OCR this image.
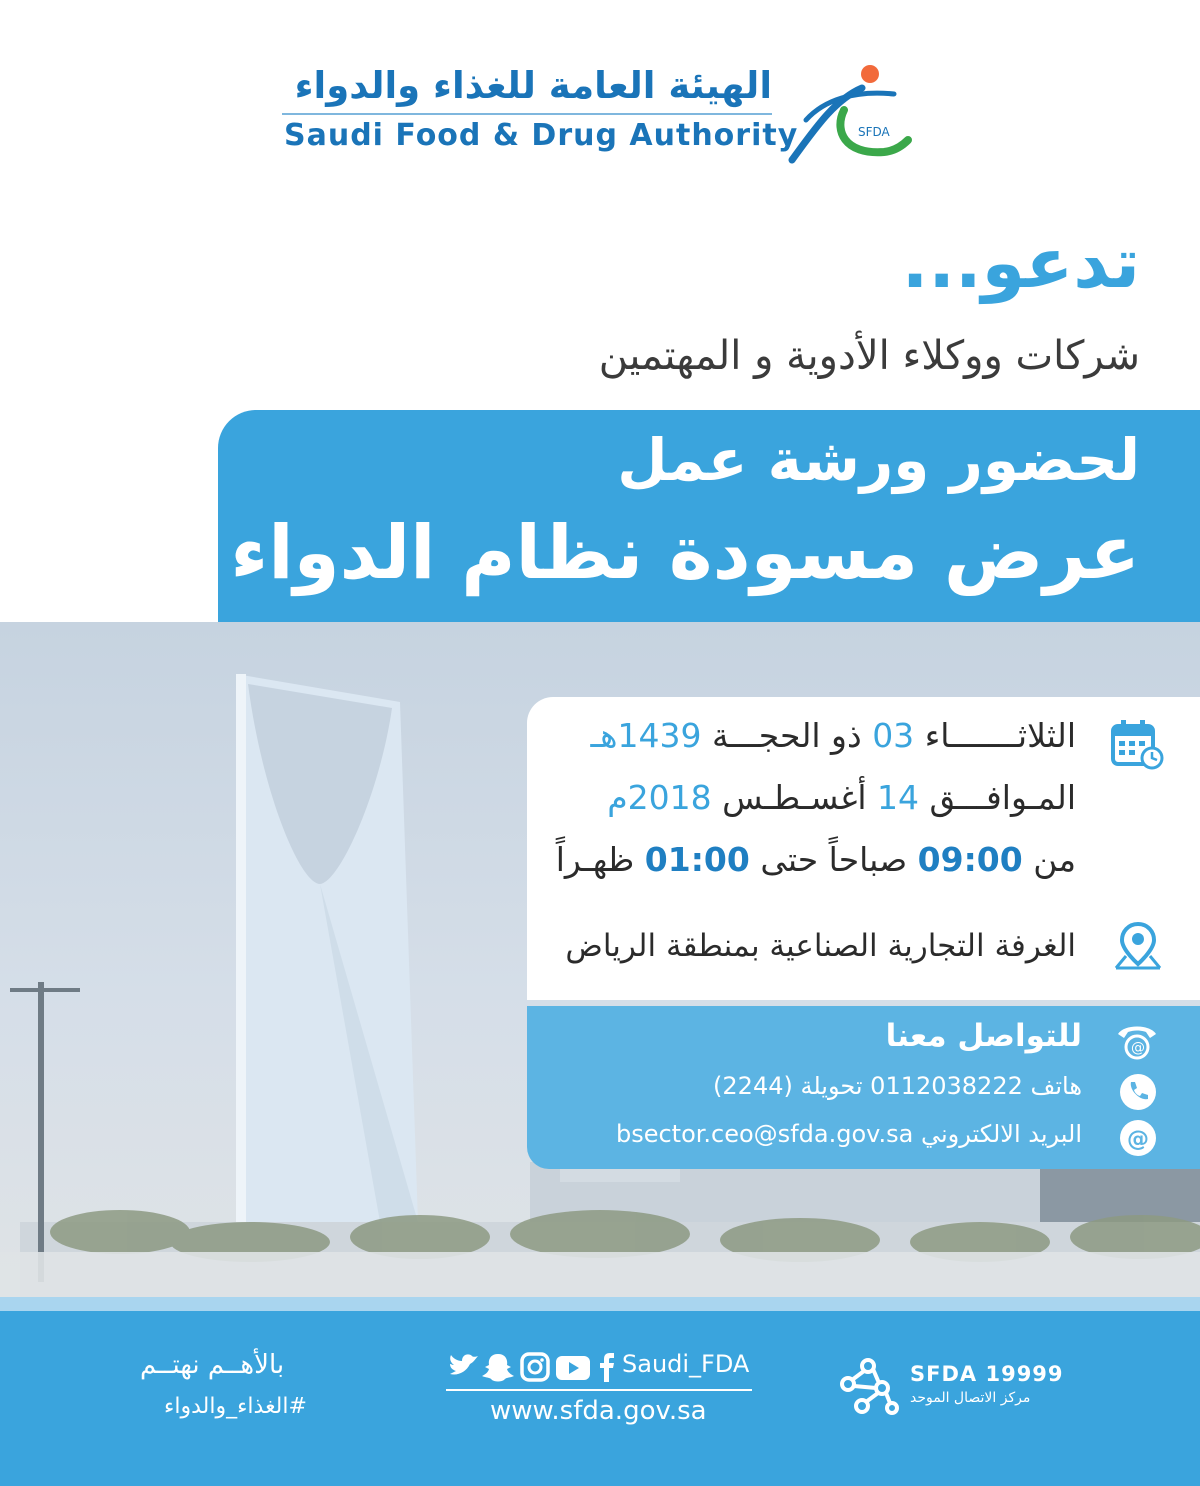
الهيئة العامة للغذاء والدواء
Saudi Food & Drug Authority	SFDA
تدعو...
شركات ووكلاء الأدوية و المهتمين
لحضور ورشة عمل
عرض مسودة نظام الدواء
الثلاثـــــــاء 03 ذو الحجـــة 1439هـ
المـوافـــق 14 أغسـطـس 2018م
من 09:00 صباحاً حتى 01:00 ظهـراً
الغرفة التجارية الصناعية بمنطقة الرياض
@
للتواصل معنا
هاتف 0112038222 تحويلة (2244)
@
البريد الالكتروني bsector.ceo@sfda.gov.sa
بالأهــم نهتــم
#الغذاء_والدواء
Saudi_FDA
www.sfda.gov.sa
SFDA 19999
مركز الاتصال الموحد
